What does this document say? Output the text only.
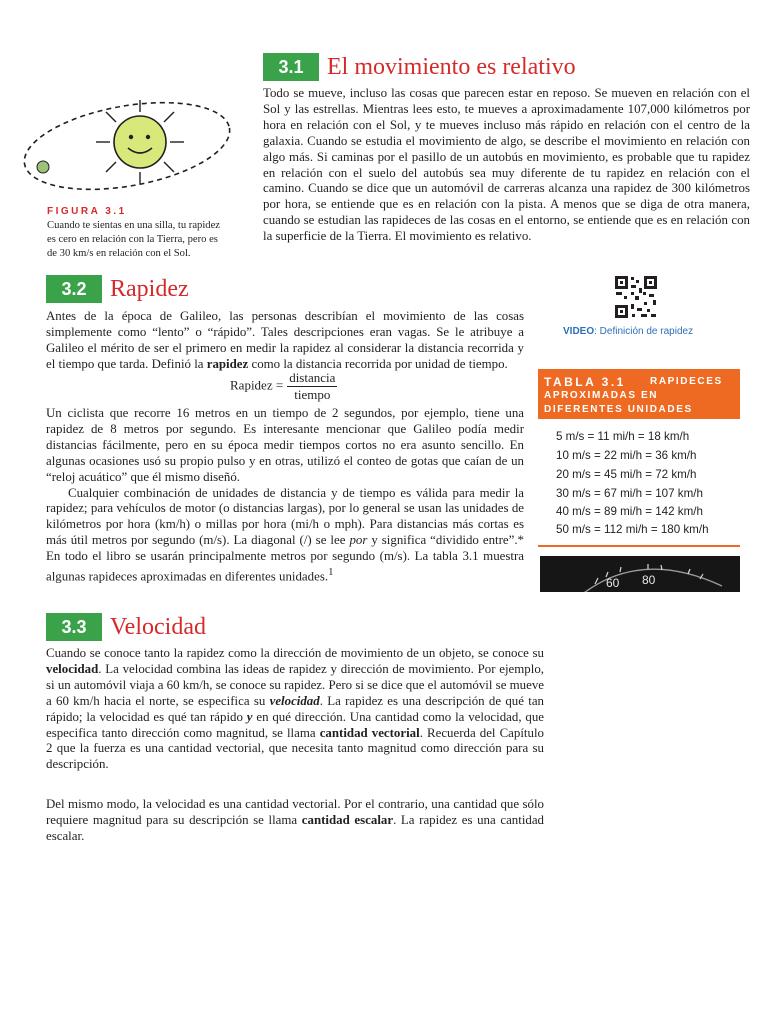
3.1 El movimiento es relativo

Todo se mueve, incluso las cosas que parecen estar en reposo. Se mueven en relación con el Sol y las estrellas. Mientras lees esto, te mueves a aproximadamente 107,000 kilómetros por hora en relación con el Sol, y te mueves incluso más rápido en relación con el centro de la galaxia. Cuando se estudia el movimiento de algo, se describe el movimiento en relación con algo más. Si caminas por el pasillo de un autobús en movimiento, es probable que tu rapidez en relación con el suelo del autobús sea muy diferente de tu rapidez en relación con el camino. Cuando se dice que un automóvil de carreras alcanza una rapidez de 300 kilómetros por hora, se entiende que es en relación con la pista. A menos que se diga de otra manera, cuando se estudian las rapideces de las cosas en el entorno, se entiende que es en relación con la superficie de la Tierra. El movimiento es relativo.

FIGURA 3.1
Cuando te sientas en una silla, tu rapidez
es cero en relación con la Tierra, pero es
de 30 km/s en relación con el Sol.
3.2 Rapidez

Antes de la época de Galileo, las personas describían el movimiento de las cosas simplemente como “lento” o “rápido”. Tales descripciones eran vagas. Se le atribuye a Galileo el mérito de ser el primero en medir la rapidez al considerar la distancia recorrida y el tiempo que tarda. Definió la rapidez como la distancia recorrida por unidad de tiempo.

Rapidez = $\frac{\text{distancia}}{\text{tiempo}}$

Un ciclista que recorre 16 metros en un tiempo de 2 segundos, por ejemplo, tiene una rapidez de 8 metros por segundo. Es interesante mencionar que Galileo podía medir distancias fácilmente, pero en su época medir tiempos cortos no era asunto sencillo. En algunas ocasiones usó su propio pulso y en otras, utilizó el conteo de gotas que caían de un “reloj acuático” que él mismo diseñó.

Cualquier combinación de unidades de distancia y de tiempo es válida para medir la rapidez; para vehículos de motor (o distancias largas), por lo general se usan las unidades de kilómetros por hora (km/h) o millas por hora (mi/h o mph). Para distancias más cortas es más útil metros por segundo (m/s). La diagonal (/) se lee por y significa “dividido entre”.* En todo el libro se usarán principalmente metros por segundo (m/s). La tabla 3.1 muestra algunas rapideces aproximadas en diferentes unidades.$^1$

VIDEO: Definición de rapidez
TABLA 3.1	RAPIDECES APROXIMADAS EN DIFERENTES UNIDADES
5 m/s = 11 mi/h = 18 km/h
10 m/s = 22 mi/h = 36 km/h
20 m/s = 45 mi/h = 72 km/h
30 m/s = 67 mi/h = 107 km/h
40 m/s = 89 mi/h = 142 km/h
50 m/s = 112 mi/h = 180 km/h
60 80
3.3 Velocidad

Cuando se conoce tanto la rapidez como la dirección de movimiento de un objeto, se conoce su velocidad. La velocidad combina las ideas de rapidez y dirección de movimiento. Por ejemplo, si un automóvil viaja a 60 km/h, se conoce su rapidez. Pero si se dice que el automóvil se mueve a 60 km/h hacia el norte, se especifica su velocidad. La rapidez es una descripción de qué tan rápido; la velocidad es qué tan rápido y en qué dirección. Una cantidad como la velocidad, que especifica tanto dirección como magnitud, se llama cantidad vectorial. Recuerda del Capítulo 2 que la fuerza es una cantidad vectorial, que necesita tanto magnitud como dirección para su descripción.

Del mismo modo, la velocidad es una cantidad vectorial. Por el contrario, una cantidad que sólo requiere magnitud para su descripción se llama cantidad escalar. La rapidez es una cantidad escalar.
